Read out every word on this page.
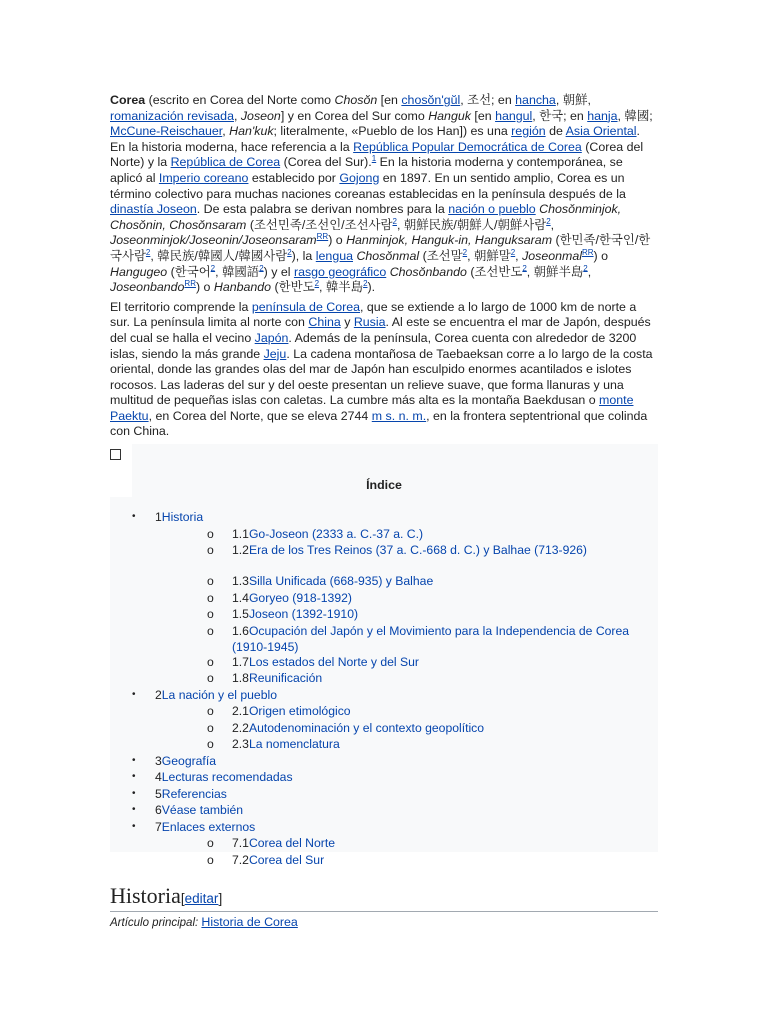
Corea (escrito en Corea del Norte como Chosŏn [en chosŏn'gŭl, 조선; en hancha, 朝鮮, romanización revisada, Joseon] y en Corea del Sur como Hanguk [en hangul, 한국; en hanja, 韓國; McCune-Reischauer, Han'kuk; literalmente, «Pueblo de los Han]) es una región de Asia Oriental. En la historia moderna, hace referencia a la República Popular Democrática de Corea (Corea del Norte) y la República de Corea (Corea del Sur).$^1$ En la historia moderna y contemporánea, se aplicó al Imperio coreano establecido por Gojong en 1897. En un sentido amplio, Corea es un término colectivo para muchas naciones coreanas establecidas en la península después de la dinastía Joseon. De esta palabra se derivan nombres para la nación o pueblo Chosŏnminjok, Chosŏnin, Chosŏnsaram (조선민족/조선인/조선사람$^2$, 朝鮮民族/朝鮮人/朝鮮사람$^2$, Joseonminjok/Joseonin/Joseonsaram$^{RR}$) o Hanminjok, Hanguk-in, Hanguksaram (한민족/한국인/한국사람$^2$, 韓民族/韓國人/韓國사람$^2$), la lengua Chosŏnmal (조선말$^2$, 朝鮮말$^2$, Joseonmal$^{RR}$) o Hangugeo (한국어$^2$, 韓國語$^2$) y el rasgo geográfico Chosŏnbando (조선반도$^2$, 朝鮮半島$^2$, Joseonbando$^{RR}$) o Hanbando (한반도$^2$, 韓半島$^2$).

El territorio comprende la península de Corea, que se extiende a lo largo de 1000 km de norte a sur. La península limita al norte con China y Rusia. Al este se encuentra el mar de Japón, después del cual se halla el vecino Japón. Además de la península, Corea cuenta con alrededor de 3200 islas, siendo la más grande Jeju. La cadena montañosa de Taebaeksan corre a lo largo de la costa oriental, donde las grandes olas del mar de Japón han esculpido enormes acantilados e islotes rocosos. Las laderas del sur y del oeste presentan un relieve suave, que forma llanuras y una multitud de pequeñas islas con caletas. La cumbre más alta es la montaña Baekdusan o monte Paektu, en Corea del Norte, que se eleva 2744 m s. n. m., en la frontera septentrional que colinda con China.

Índice
• 1Historia
o 1.1Go-Joseon (2333 a. C.-37 a. C.)
o 1.2Era de los Tres Reinos (37 a. C.-668 d. C.) y Balhae (713-926)
o 1.3Silla Unificada (668-935) y Balhae
o 1.4Goryeo (918-1392)
o 1.5Joseon (1392-1910)
o 1.6Ocupación del Japón y el Movimiento para la Independencia de Corea (1910-1945)
o 1.7Los estados del Norte y del Sur
o 1.8Reunificación
• 2La nación y el pueblo
o 2.1Origen etimológico
o 2.2Autodenominación y el contexto geopolítico
o 2.3La nomenclatura
• 3Geografía
• 4Lecturas recomendadas
• 5Referencias
• 6Véase también
• 7Enlaces externos
o 7.1Corea del Norte
o 7.2Corea del Sur
Historia[editar]
Artículo principal: Historia de Corea
